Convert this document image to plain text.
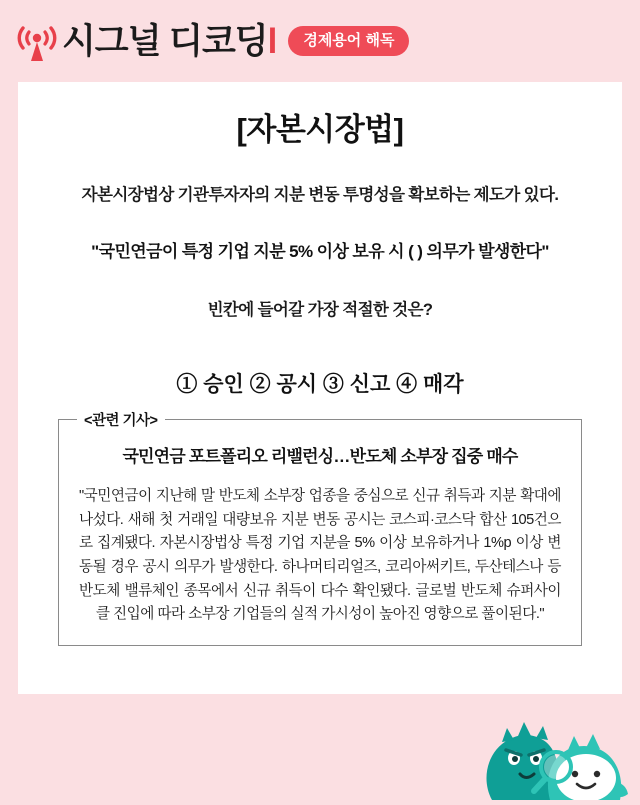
시그널 디코딩l	경제용어 해독
[자본시장법]
자본시장법상 기관투자자의 지분 변동 투명성을 확보하는 제도가 있다.
"국민연금이 특정 기업 지분 5% 이상 보유 시 ( ) 의무가 발생한다"
빈칸에 들어갈 가장 적절한 것은?
① 승인 ② 공시 ③ 신고 ④ 매각
<관련 기사>
국민연금 포트폴리오 리밸런싱…반도체 소부장 집중 매수
"국민연금이 지난해 말 반도체 소부장 업종을 중심으로 신규 취득과 지분 확대에 나섰다. 새해 첫 거래일 대량보유 지분 변동 공시는 코스피·코스닥 합산 105건으로 집계됐다. 자본시장법상 특정 기업 지분을 5% 이상 보유하거나 1%p 이상 변동될 경우 공시 의무가 발생한다. 하나머티리얼즈, 코리아써키트, 두산테스나 등 반도체 밸류체인 종목에서 신규 취득이 다수 확인됐다. 글로벌 반도체 슈퍼사이클 진입에 따라 소부장 기업들의 실적 가시성이 높아진 영향으로 풀이된다."
